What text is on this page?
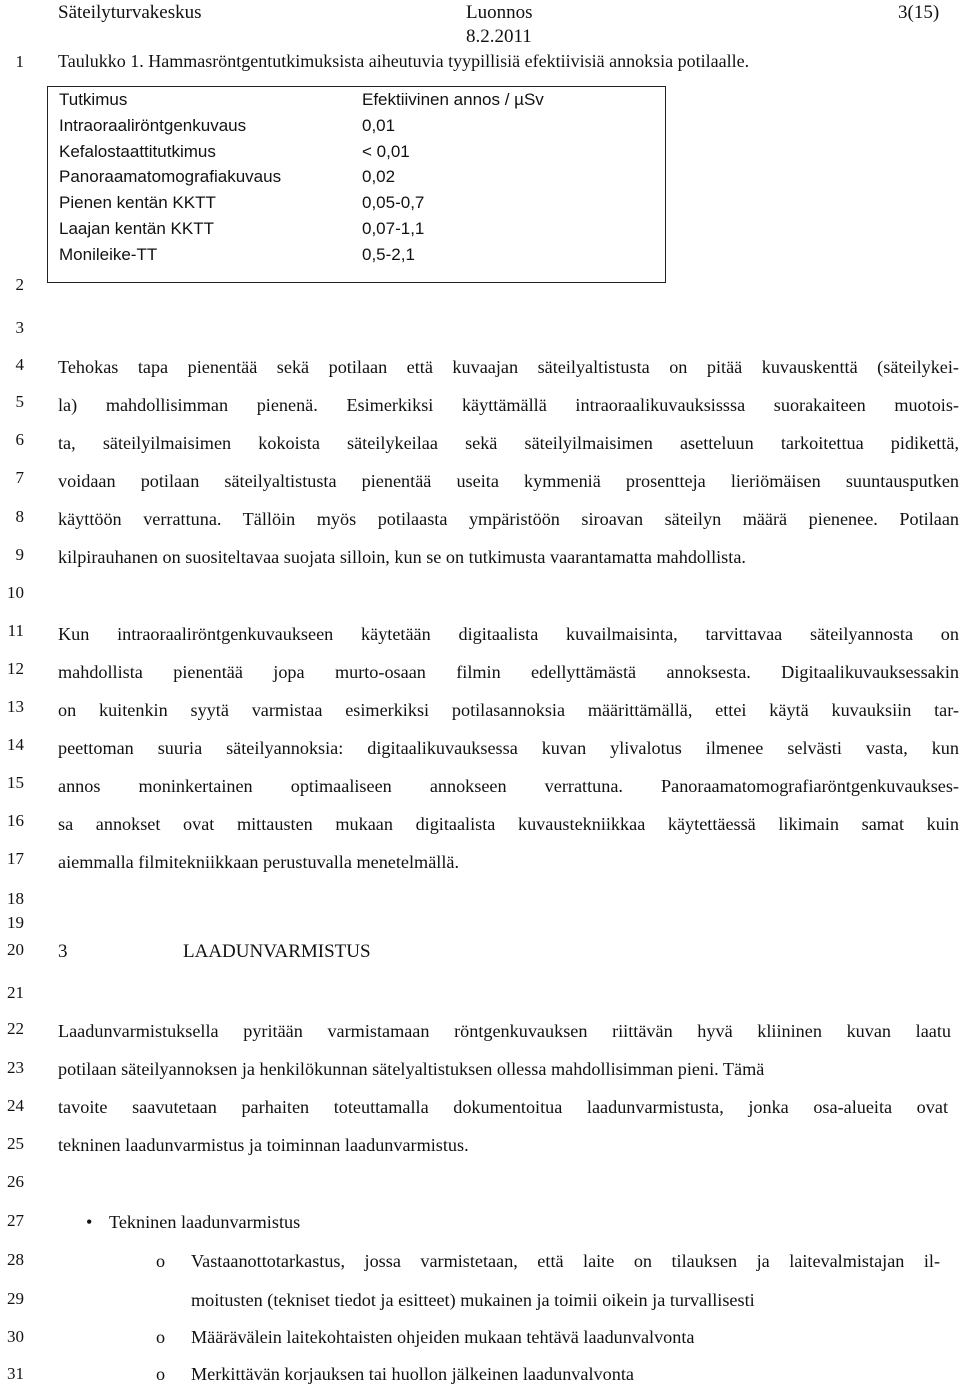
Säteilyturvakeskus	Luonnos
8.2.2011
3(15)
1
2
3
4
5
6
7
8
9
10
11
12
13
14
15
16
17
18
19
20
21
22
23
24
25
26
27
28
29
30
31
Taulukko 1. Hammasröntgentutkimuksista aiheutuvia tyypillisiä efektiivisiä annoksia potilaalle.
Tutkimus	Efektiivinen annos / µSv
Intraoraaliröntgenkuvaus	0,01
Kefalostaattitutkimus	< 0,01
Panoraamatomografiakuvaus	0,02
Pienen kentän KKTT	0,05-0,7
Laajan kentän KKTT	0,07-1,1
Monileike-TT	0,5-2,1
Tehokas tapa pienentää sekä potilaan että kuvaajan säteilyaltistusta on pitää kuvauskenttä (säteilykei-
la) mahdollisimman pienenä. Esimerkiksi käyttämällä intraoraalikuvauksisssa suorakaiteen muotois-
ta, säteilyilmaisimen kokoista säteilykeilaa sekä säteilyilmaisimen asetteluun tarkoitettua pidikettä,
voidaan potilaan säteilyaltistusta pienentää useita kymmeniä prosentteja lieriömäisen suuntausputken
käyttöön verrattuna. Tällöin myös potilaasta ympäristöön siroavan säteilyn määrä pienenee. Potilaan
kilpirauhanen on suositeltavaa suojata silloin, kun se on tutkimusta vaarantamatta mahdollista.
Kun intraoraaliröntgenkuvaukseen käytetään digitaalista kuvailmaisinta, tarvittavaa säteilyannosta on
mahdollista pienentää jopa murto-osaan filmin edellyttämästä annoksesta. Digitaalikuvauksessakin
on kuitenkin syytä varmistaa esimerkiksi potilasannoksia määrittämällä, ettei käytä kuvauksiin tar-
peettoman suuria säteilyannoksia: digitaalikuvauksessa kuvan ylivalotus ilmenee selvästi vasta, kun
annos moninkertainen optimaaliseen annokseen verrattuna. Panoraamatomografiaröntgenkuvaukses-
sa annokset ovat mittausten mukaan digitaalista kuvaustekniikkaa käytettäessä likimain samat kuin
aiemmalla filmitekniikkaan perustuvalla menetelmällä.
3	LAADUNVARMISTUS
Laadunvarmistuksella pyritään varmistamaan röntgenkuvauksen riittävän hyvä kliininen kuvan laatu
potilaan säteilyannoksen ja henkilökunnan sätelyaltistuksen ollessa mahdollisimman pieni. Tämä
tavoite saavutetaan parhaiten toteuttamalla dokumentoitua laadunvarmistusta, jonka osa-alueita ovat
tekninen laadunvarmistus ja toiminnan laadunvarmistus.
• Tekninen laadunvarmistus
o Vastaanottotarkastus, jossa varmistetaan, että laite on tilauksen ja laitevalmistajan il-
moitusten (tekniset tiedot ja esitteet) mukainen ja toimii oikein ja turvallisesti
o Määrävälein laitekohtaisten ohjeiden mukaan tehtävä laadunvalvonta
o Merkittävän korjauksen tai huollon jälkeinen laadunvalvonta
